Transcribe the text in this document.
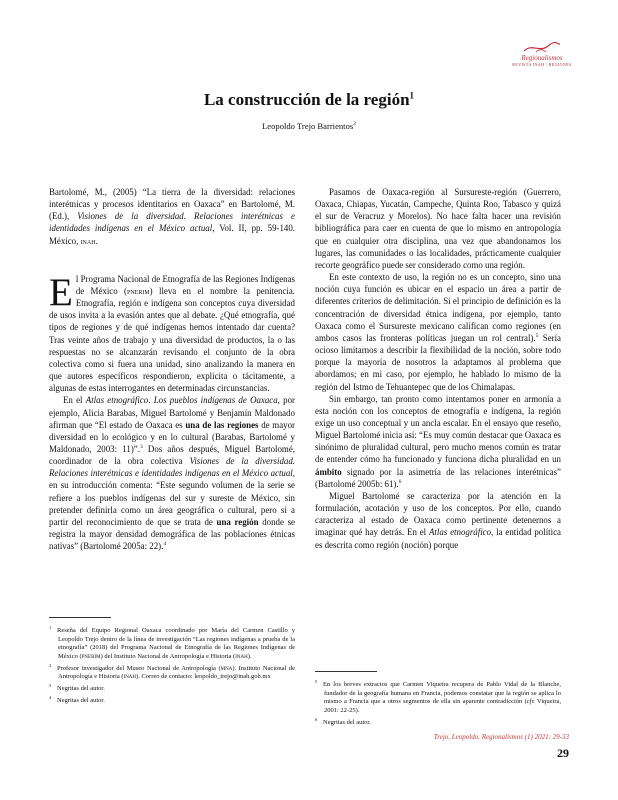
Regionalismos
REVISTA INAH / REGIONES
La construcción de la región$^1$
Leopoldo Trejo Barrientos$^2$

Bartolomé, M., (2005) “La tierra de la diversidad: relaciones interétnicas y procesos identitarios en Oaxaca” en Bartolomé, M. (Ed.), Visiones de la diversidad. Relaciones interétnicas e identidades indígenas en el México actual, Vol. II, pp. 59-140. México, inah.

El Programa Nacional de Etnografía de las Regiones Indígenas de México (pnerim) lleva en el nombre la penitencia. Etnografía, región e indígena son conceptos cuya diversidad de usos invita a la evasión antes que al debate. ¿Qué etnografía, qué tipos de regiones y de qué indígenas hemos intentado dar cuenta? Tras veinte años de trabajo y una diversidad de productos, la o las respuestas no se alcanzarán revisando el conjunto de la obra colectiva como si fuera una unidad, sino analizando la manera en que autores específicos respondieron, explícita o tácitamente, a algunas de estas interrogantes en determinadas circunstancias.

En el Atlas etnográfico. Los pueblos indígenas de Oaxaca, por ejemplo, Alicia Barabas, Miguel Bartolomé y Benjamín Maldonado afirman que “El estado de Oaxaca es una de las regiones de mayor diversidad en lo ecológico y en lo cultural (Barabas, Bartolomé y Maldonado, 2003: 11)”.$^3$ Dos años después, Miguel Bartolomé, coordinador de la obra colectiva Visiones de la diversidad. Relaciones interétnicas e identidades indígenas en el México actual, en su introducción comenta: “Este segundo volumen de la serie se refiere a los pueblos indígenas del sur y sureste de México, sin pretender definirla como un área geográfica o cultural, pero si a partir del reconocimiento de que se trata de una región donde se registra la mayor densidad demográfica de las poblaciones étnicas nativas” (Bartolomé 2005a: 22).$^4$

Pasamos de Oaxaca-región al Sursureste-región (Guerrero, Oaxaca, Chiapas, Yucatán, Campeche, Quinta Roo, Tabasco y quizá el sur de Veracruz y Morelos). No hace falta hacer una revisión bibliográfica para caer en cuenta de que lo mismo en antropología que en cualquier otra disciplina, una vez que abandonamos los lugares, las comunidades o las localidades, prácticamente cualquier recorte geográfico puede ser considerado como una región.

En este contexto de uso, la región no es un concepto, sino una noción cuya función es ubicar en el espacio un área a partir de diferentes criterios de delimitación. Si el principio de definición es la concentración de diversidad étnica indígena, por ejemplo, tanto Oaxaca como el Sursureste mexicano califican como regiones (en ambos casos las fronteras políticas juegan un rol central).$^5$ Sería ocioso limitarnos a describir la flexibilidad de la noción, sobre todo porque la mayoría de nosotros la adaptamos al problema que abordamos; en mi caso, por ejemplo, he hablado lo mismo de la región del Istmo de Tehuantepec que de los Chimalapas.

Sin embargo, tan pronto como intentamos poner en armonía a esta noción con los conceptos de etnografía e indígena, la región exige un uso conceptual y un ancla escalar. En el ensayo que reseño, Miguel Bartolomé inicia así: “Es muy común destacar que Oaxaca es sinónimo de pluralidad cultural, pero mucho menos común es tratar de entender cómo ha funcionado y funciona dicha pluralidad en un ámbito signado por la asimetría de las relaciones interétnicas” (Bartolomé 2005b: 61).$^6$

Miguel Bartolomé se caracteriza por la atención en la formulación, acotación y uso de los conceptos. Por ello, cuando caracteriza al estado de Oaxaca como pertinente detenernos a imaginar qué hay detrás. En el Atlas etnográfico, la entidad política es descrita como región (noción) porque

$^1$ Reseña del Equipo Regional Oaxaca coordinado por María del Carmen Castillo y Leopoldo Trejo dentro de la línea de investigación “Las regiones indígenas a prueba de la etnografía” (2018) del Programa Nacional de Etnografía de las Regiones Indígenas de México (pnerim) del Instituto Nacional de Antropología e Historia (inah).
$^2$ Profesor investigador del Museo Nacional de Antropología (mna). Instituto Nacional de Antropología e Historia (inah). Correo de contacto: leopoldo_trejo@inah.gob.mx
$^3$ Negritas del autor.
$^4$ Negritas del autor.
$^5$ En los breves extractos que Carmen Viqueira recupera de Pablo Vidal de la Blanche, fundador de la geografía humana en Francia, podemos constatar que la región se aplica lo mismo a Francia que a otros segmentos de ella sin aparente contradicción (cfr. Viqueira, 2001: 22-25).
$^6$ Negritas del autor.
Trejo, Leopoldo. Regionalismos (1) 2021: 29-33
29
